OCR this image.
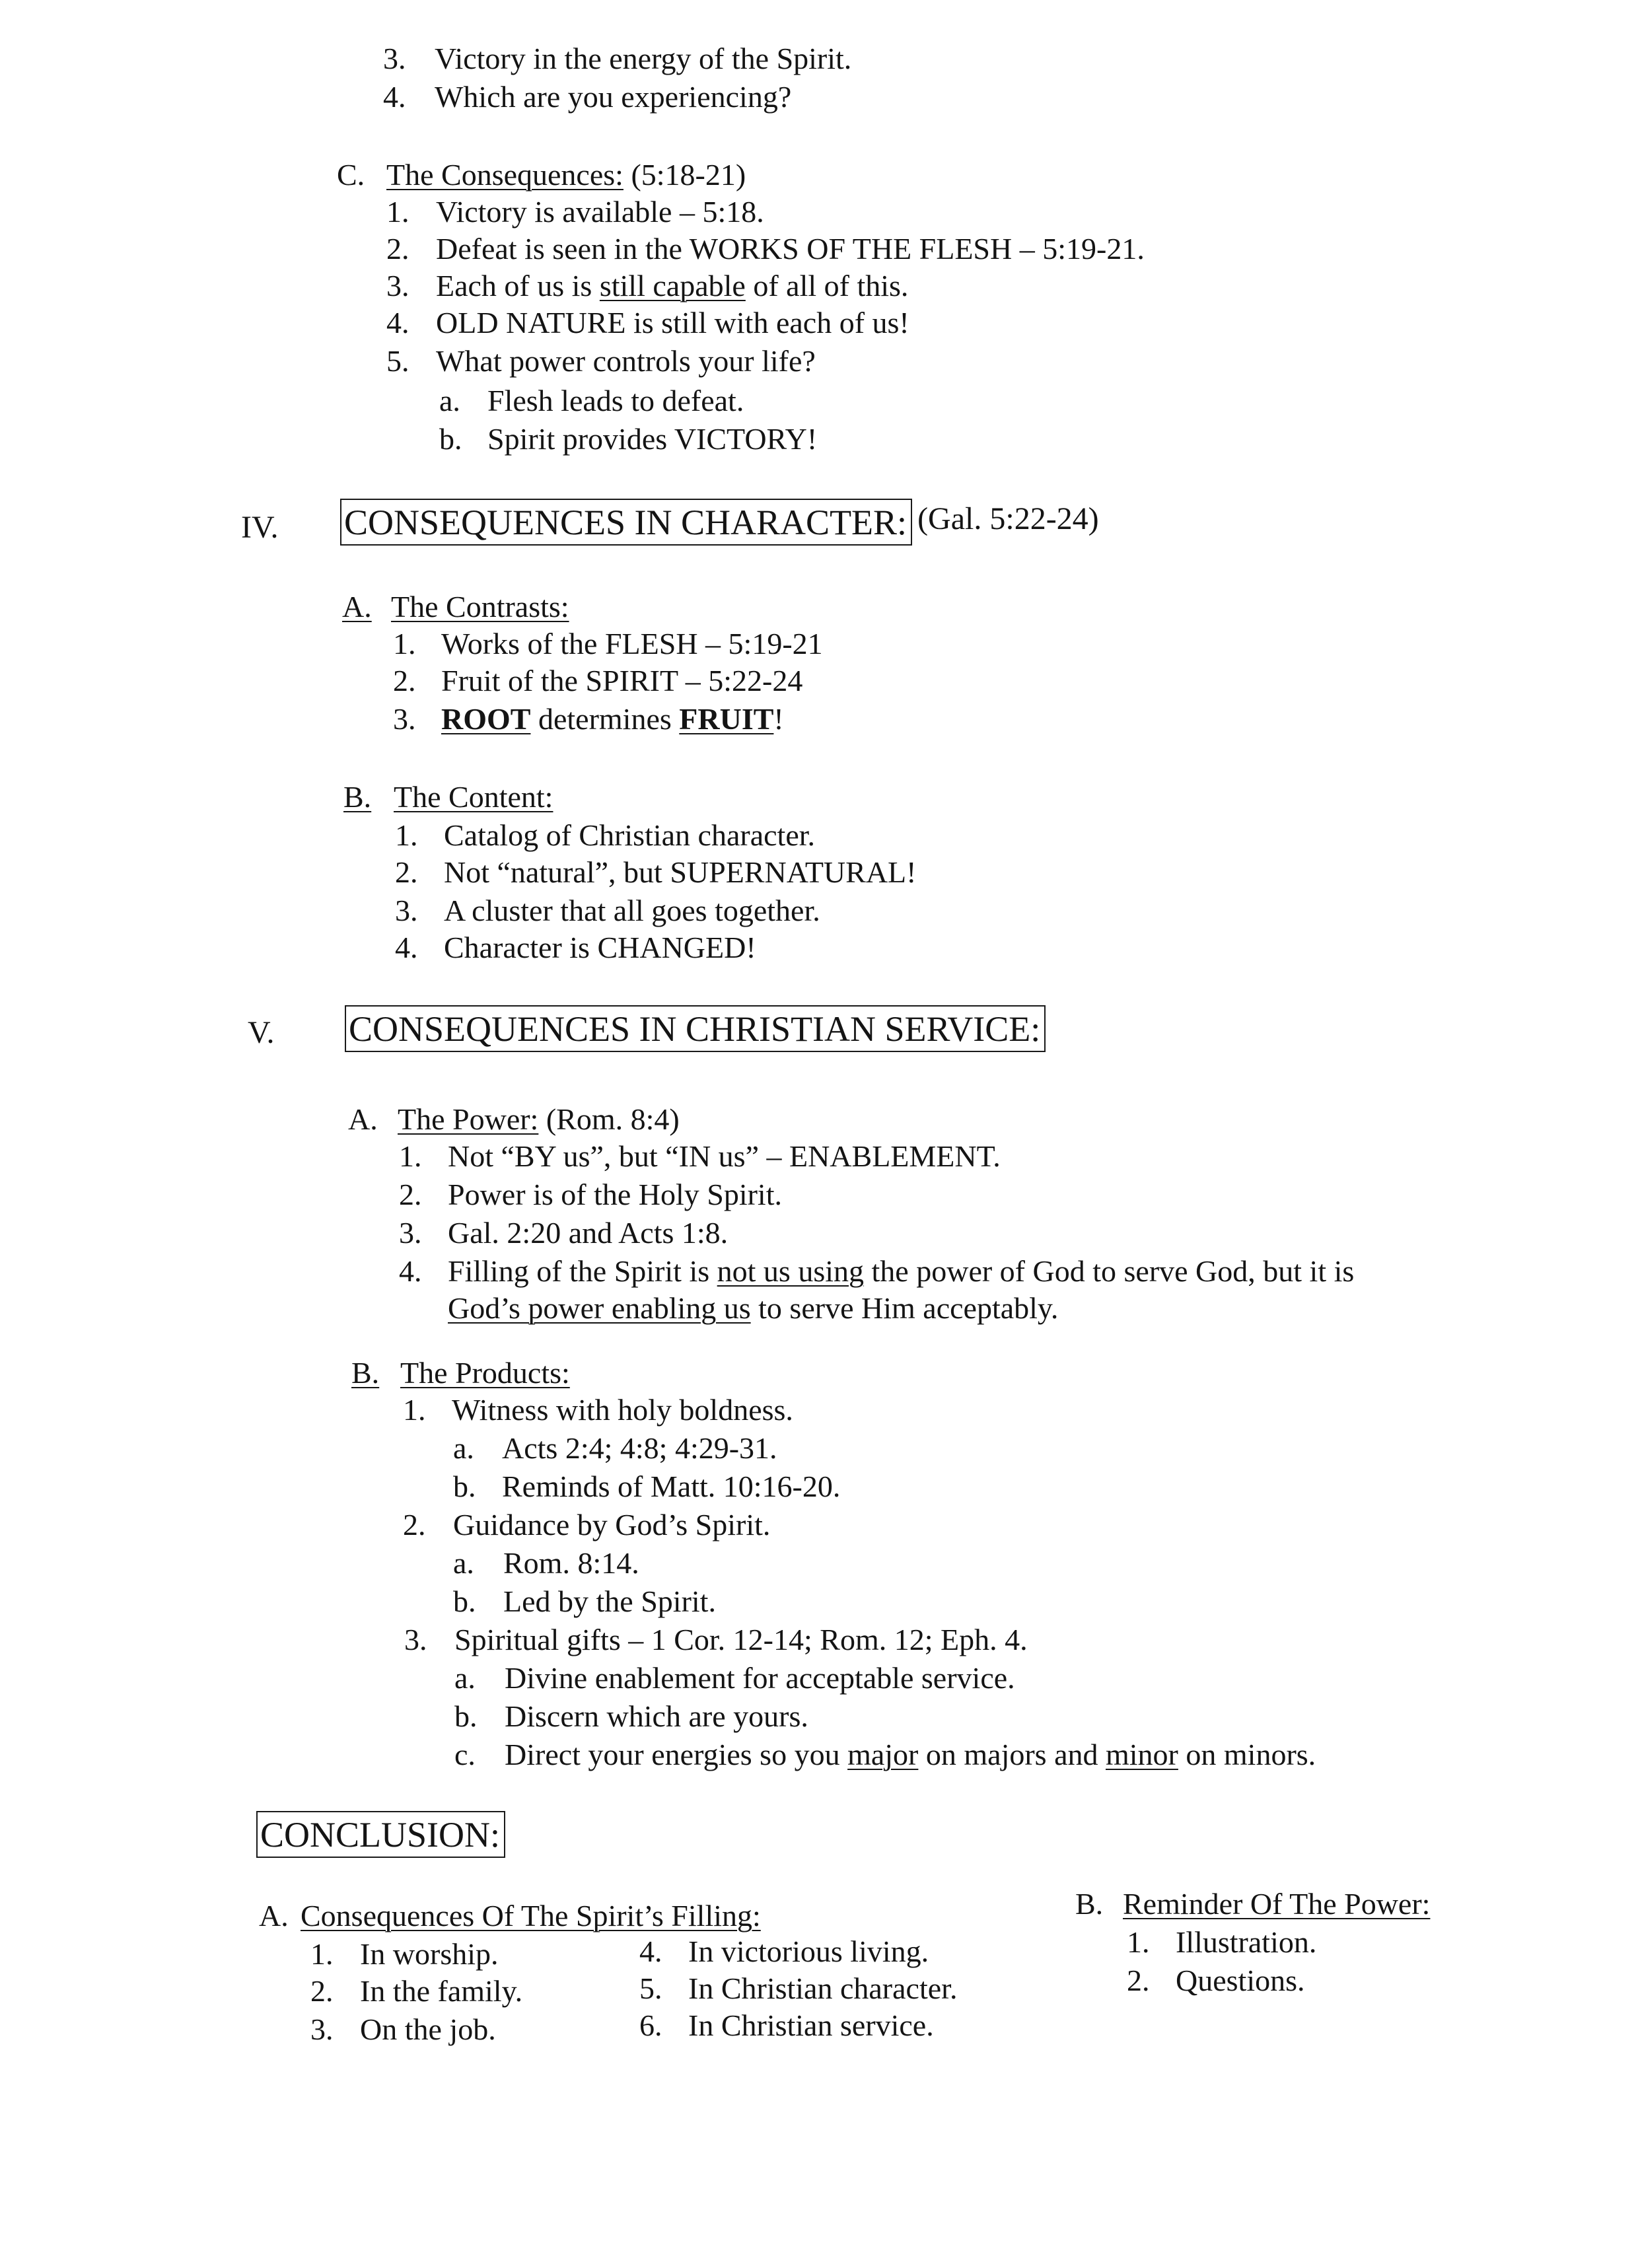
3. Victory in the energy of the Spirit.
4. Which are you experiencing?
C. The Consequences: (5:18-21)
1. Victory is available – 5:18.
2. Defeat is seen in the WORKS OF THE FLESH – 5:19-21.
3. Each of us is still capable of all of this.
4. OLD NATURE is still with each of us!
5. What power controls your life?
a. Flesh leads to defeat.
b. Spirit provides VICTORY!
IV. CONSEQUENCES IN CHARACTER: (Gal. 5:22-24)
A. The Contrasts:
1. Works of the FLESH – 5:19-21
2. Fruit of the SPIRIT – 5:22-24
3. ROOT determines FRUIT!
B. The Content:
1. Catalog of Christian character.
2. Not “natural”, but SUPERNATURAL!
3. A cluster that all goes together.
4. Character is CHANGED!
V. CONSEQUENCES IN CHRISTIAN SERVICE:
A. The Power: (Rom. 8:4)
1. Not “BY us”, but “IN us” – ENABLEMENT.
2. Power is of the Holy Spirit.
3. Gal. 2:20 and Acts 1:8.
4. Filling of the Spirit is not us using the power of God to serve God, but it is
God’s power enabling us to serve Him acceptably.
B. The Products:
1. Witness with holy boldness.
a. Acts 2:4; 4:8; 4:29-31.
b. Reminds of Matt. 10:16-20.
2. Guidance by God’s Spirit.
a. Rom. 8:14.
b. Led by the Spirit.
3. Spiritual gifts – 1 Cor. 12-14; Rom. 12; Eph. 4.
a. Divine enablement for acceptable service.
b. Discern which are yours.
c. Direct your energies so you major on majors and minor on minors.
CONCLUSION:
A. Consequences Of The Spirit’s Filling:
1. In worship.
2. In the family.
3. On the job.
4. In victorious living.
5. In Christian character.
6. In Christian service.
B. Reminder Of The Power:
1. Illustration.
2. Questions.
